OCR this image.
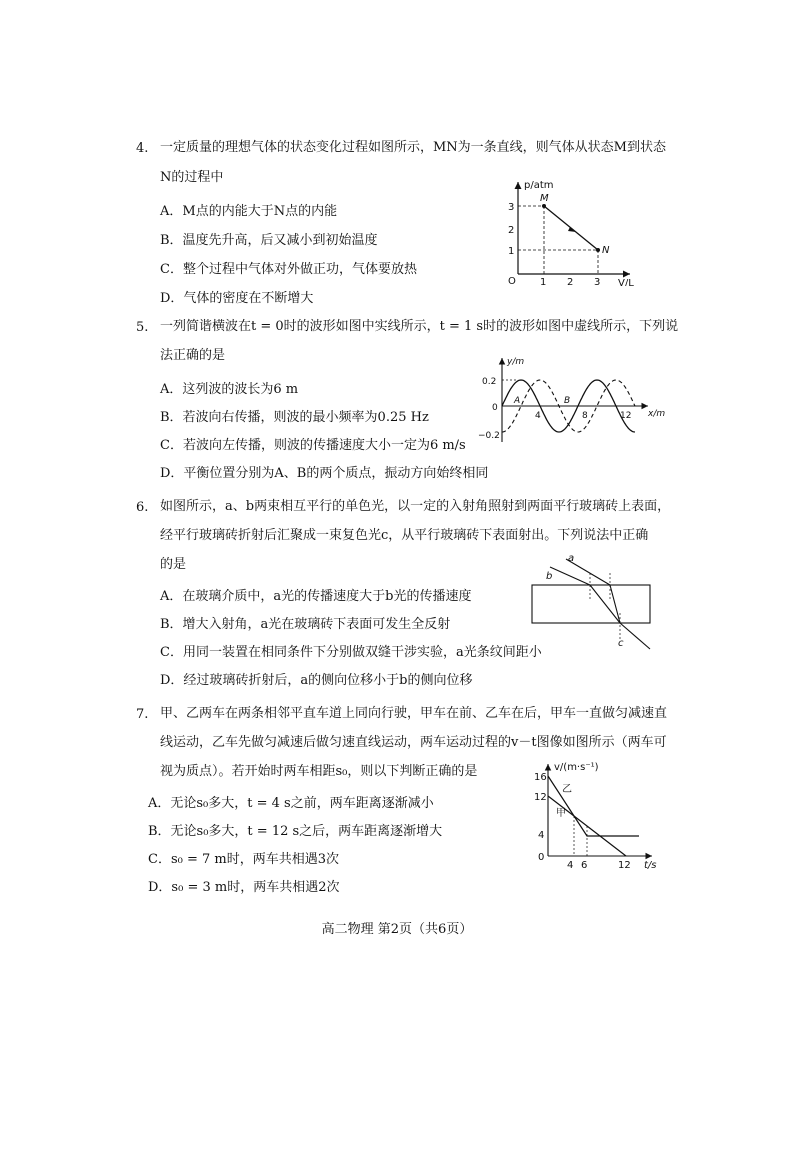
4. 一定质量的理想气体的状态变化过程如图所示，MN为一条直线，则气体从状态M到状态
N的过程中
A．M点的内能大于N点的内能
B．温度先升高，后又减小到初始温度
C．整个过程中气体对外做正功，气体要放热
D．气体的密度在不断增大
p/atm
V/L
O 1 2 3
3
2
1
M
N
5. 一列简谐横波在t = 0时的波形如图中实线所示，t = 1 s时的波形如图中虚线所示，下列说
法正确的是
A．这列波的波长为6 m
B．若波向右传播，则波的最小频率为0.25 Hz
C．若波向左传播，则波的传播速度大小一定为6 m/s
D．平衡位置分别为A、B的两个质点，振动方向始终相同
y/m
x/m
0
0.2
−0.2
4	8	12
A	B
6. 如图所示，a、b两束相互平行的单色光，以一定的入射角照射到两面平行玻璃砖上表面，
经平行玻璃砖折射后汇聚成一束复色光c，从平行玻璃砖下表面射出。下列说法中正确
的是
A．在玻璃介质中，a光的传播速度大于b光的传播速度
B．增大入射角，a光在玻璃砖下表面可发生全反射
C．用同一装置在相同条件下分别做双缝干涉实验，a光条纹间距小
D．经过玻璃砖折射后，a的侧向位移小于b的侧向位移
a
b
c
7. 甲、乙两车在两条相邻平直车道上同向行驶，甲车在前、乙车在后，甲车一直做匀减速直
线运动，乙车先做匀减速后做匀速直线运动，两车运动过程的v－t图像如图所示（两车可
视为质点）。若开始时两车相距s₀，则以下判断正确的是
A．无论s₀多大，t = 4 s之前，两车距离逐渐减小
B．无论s₀多大，t = 12 s之后，两车距离逐渐增大
C．s₀ = 7 m时，两车共相遇3次
D．s₀ = 3 m时，两车共相遇2次
v/(m·s⁻¹)
t/s
0
16
12
4
4 6	12
乙
甲
高二物理 第2页（共6页）
